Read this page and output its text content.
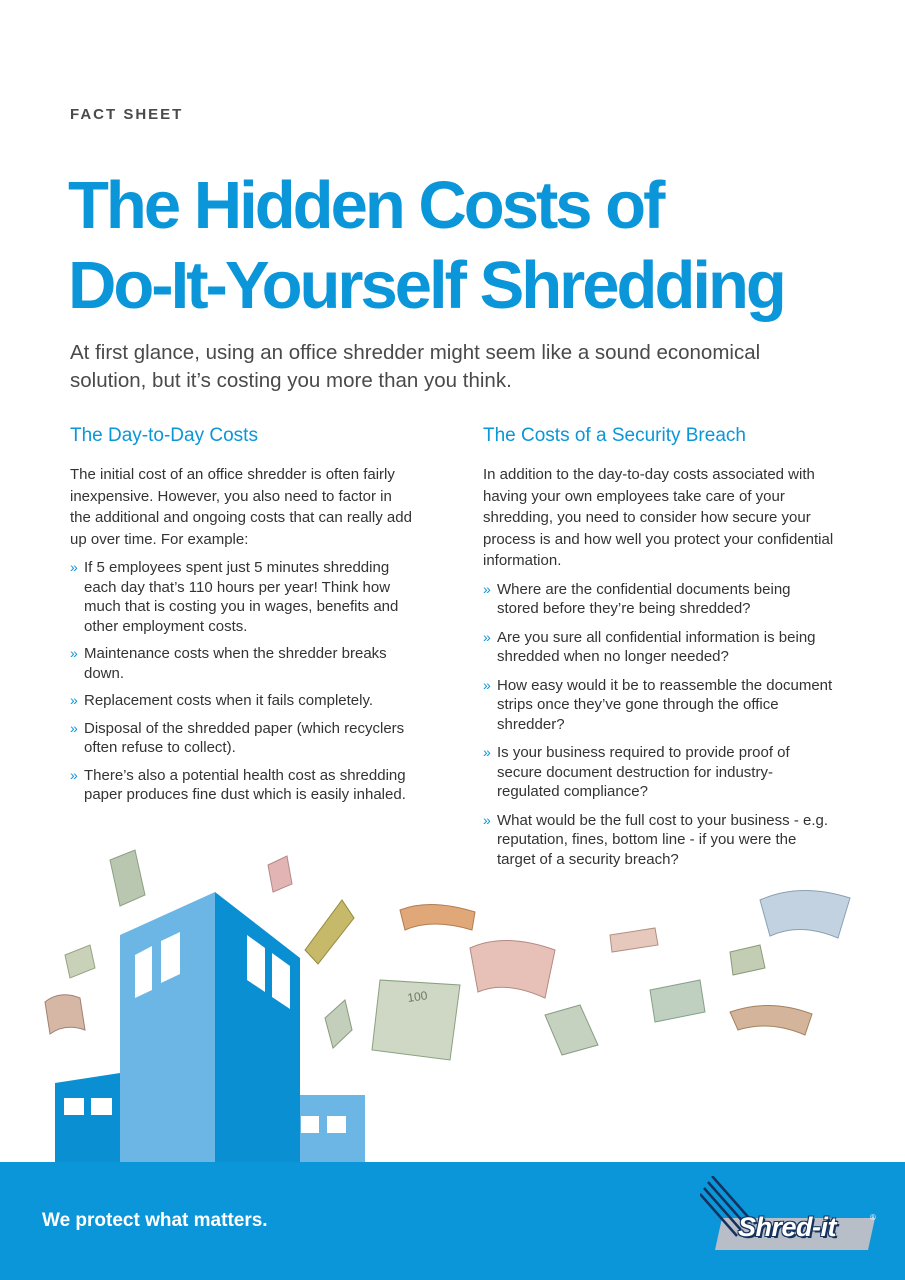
FACT SHEET
The Hidden Costs of
Do-It-Yourself Shredding

At first glance, using an office shredder might seem like a sound economical solution, but it’s costing you more than you think.

The Day-to-Day Costs

The initial cost of an office shredder is often fairly inexpensive. However, you also need to factor in the additional and ongoing costs that can really add up over time. For example:

» If 5 employees spent just 5 minutes shredding each day that’s 110 hours per year! Think how much that is costing you in wages, benefits and other employment costs.
» Maintenance costs when the shredder breaks down.
» Replacement costs when it fails completely.
» Disposal of the shredded paper (which recyclers often refuse to collect).
» There’s also a potential health cost as shredding paper produces fine dust which is easily inhaled.
The Costs of a Security Breach

In addition to the day-to-day costs associated with having your own employees take care of your shredding, you need to consider how secure your process is and how well you protect your confidential information.

» Where are the confidential documents being stored before they’re being shredded?
» Are you sure all confidential information is being shredded when no longer needed?
» How easy would it be to reassemble the document strips once they’ve gone through the office shredder?
» Is your business required to provide proof of secure document destruction for industry-regulated compliance?
» What would be the full cost to your business - e.g. reputation, fines, bottom line - if you were the target of a security breach?
100
We protect what matters.	Shred-it	®
